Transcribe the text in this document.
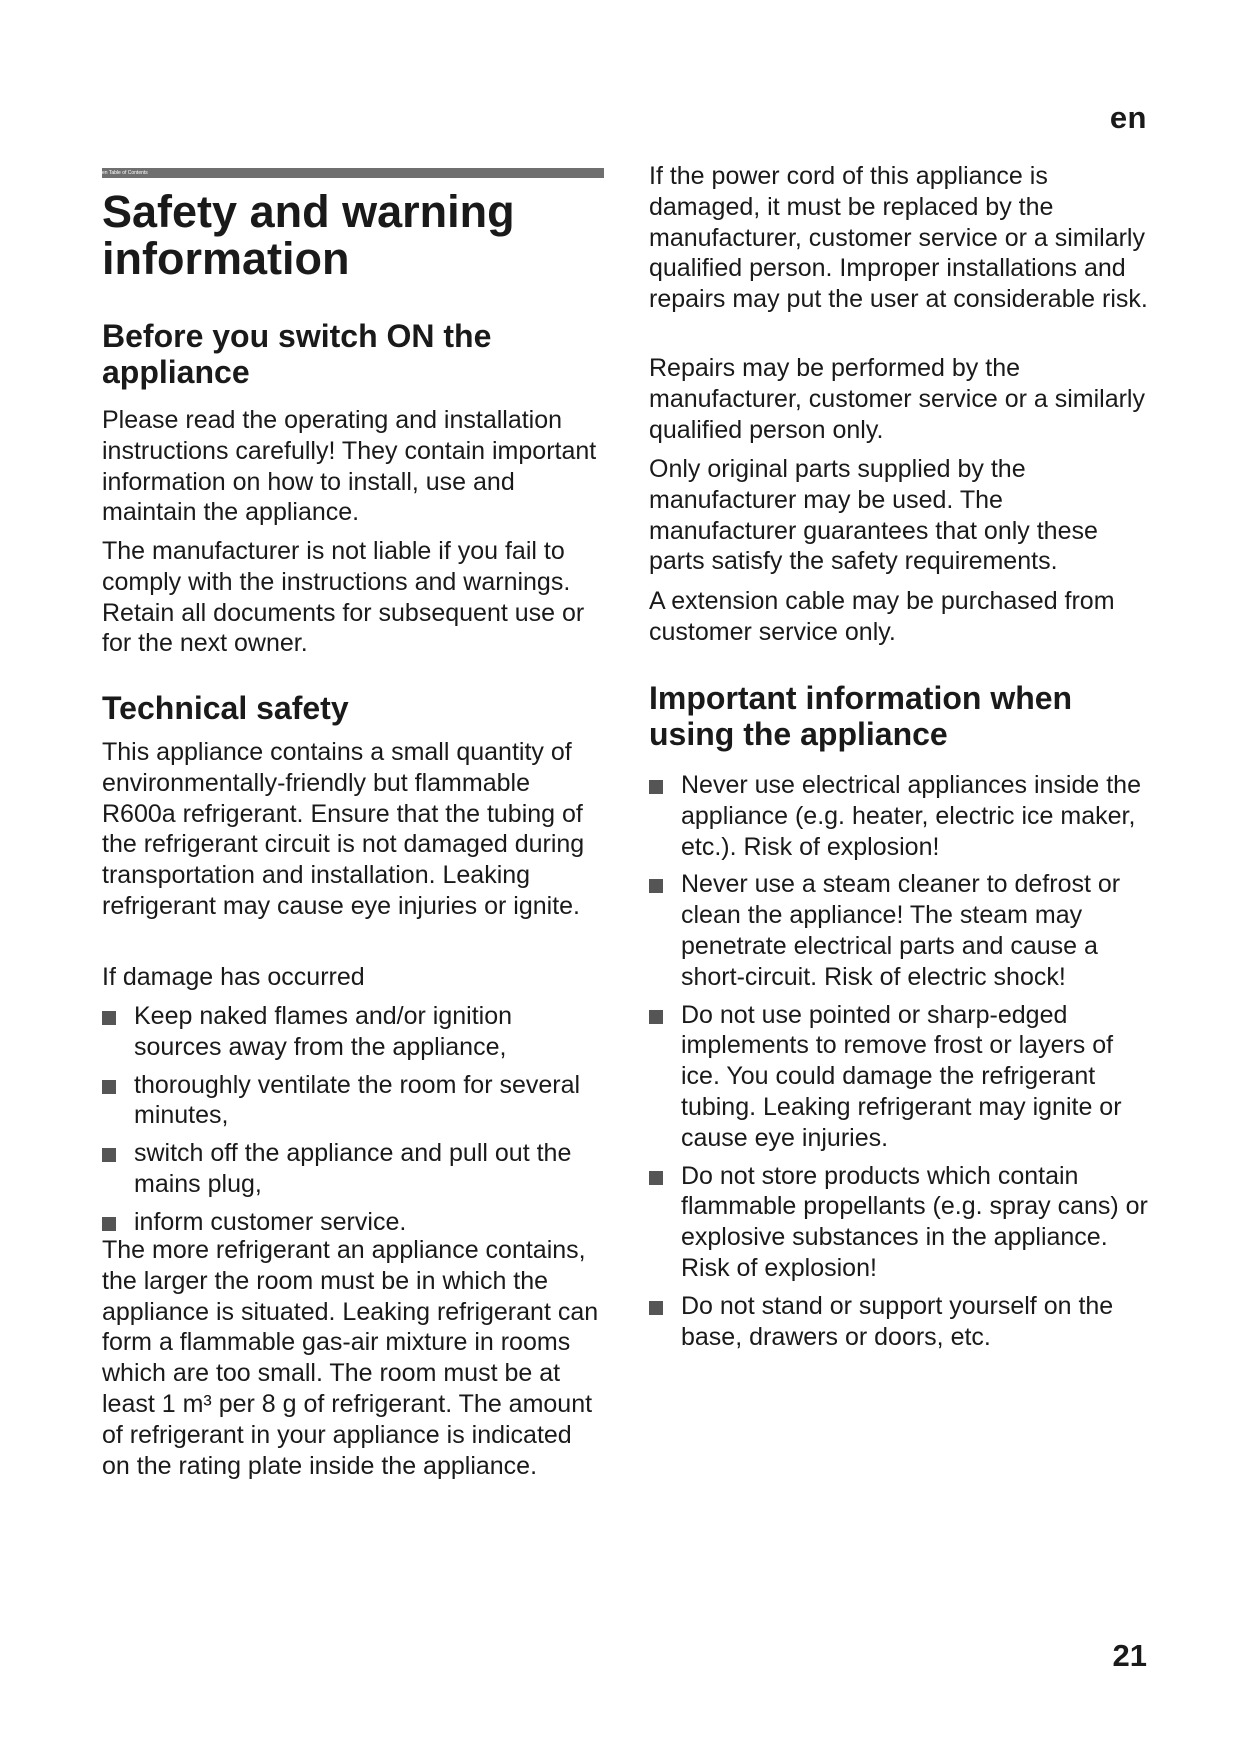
en
en Table of Contents
Safety and warning information
Before you switch ON the appliance

Please read the operating and installation instructions carefully! They contain important information on how to install, use and maintain the appliance.

The manufacturer is not liable if you fail to comply with the instructions and warnings. Retain all documents for subsequent use or for the next owner.

Technical safety

This appliance contains a small quantity of environmentally-friendly but flammable R600a refrigerant. Ensure that the tubing of the refrigerant circuit is not damaged during transportation and installation. Leaking refrigerant may cause eye injuries or ignite.

If damage has occurred

Keep naked flames and/or ignition sources away from the appliance,
thoroughly ventilate the room for several minutes,
switch off the appliance and pull out the mains plug,
inform customer service.

The more refrigerant an appliance contains, the larger the room must be in which the appliance is situated. Leaking refrigerant can form a flammable gas-air mixture in rooms which are too small. The room must be at least 1 m³ per 8 g of refrigerant. The amount of refrigerant in your appliance is indicated on the rating plate inside the appliance.

If the power cord of this appliance is damaged, it must be replaced by the manufacturer, customer service or a similarly qualified person. Improper installations and repairs may put the user at considerable risk.

Repairs may be performed by the manufacturer, customer service or a similarly qualified person only.

Only original parts supplied by the manufacturer may be used. The manufacturer guarantees that only these parts satisfy the safety requirements.

A extension cable may be purchased from customer service only.

Important information when using the appliance
Never use electrical appliances inside the appliance (e.g. heater, electric ice maker, etc.). Risk of explosion!
Never use a steam cleaner to defrost or clean the appliance! The steam may penetrate electrical parts and cause a short-circuit. Risk of electric shock!
Do not use pointed or sharp-edged implements to remove frost or layers of ice. You could damage the refrigerant tubing. Leaking refrigerant may ignite or cause eye injuries.
Do not store products which contain flammable propellants (e.g. spray cans) or explosive substances in the appliance. Risk of explosion!
Do not stand or support yourself on the base, drawers or doors, etc.
21
